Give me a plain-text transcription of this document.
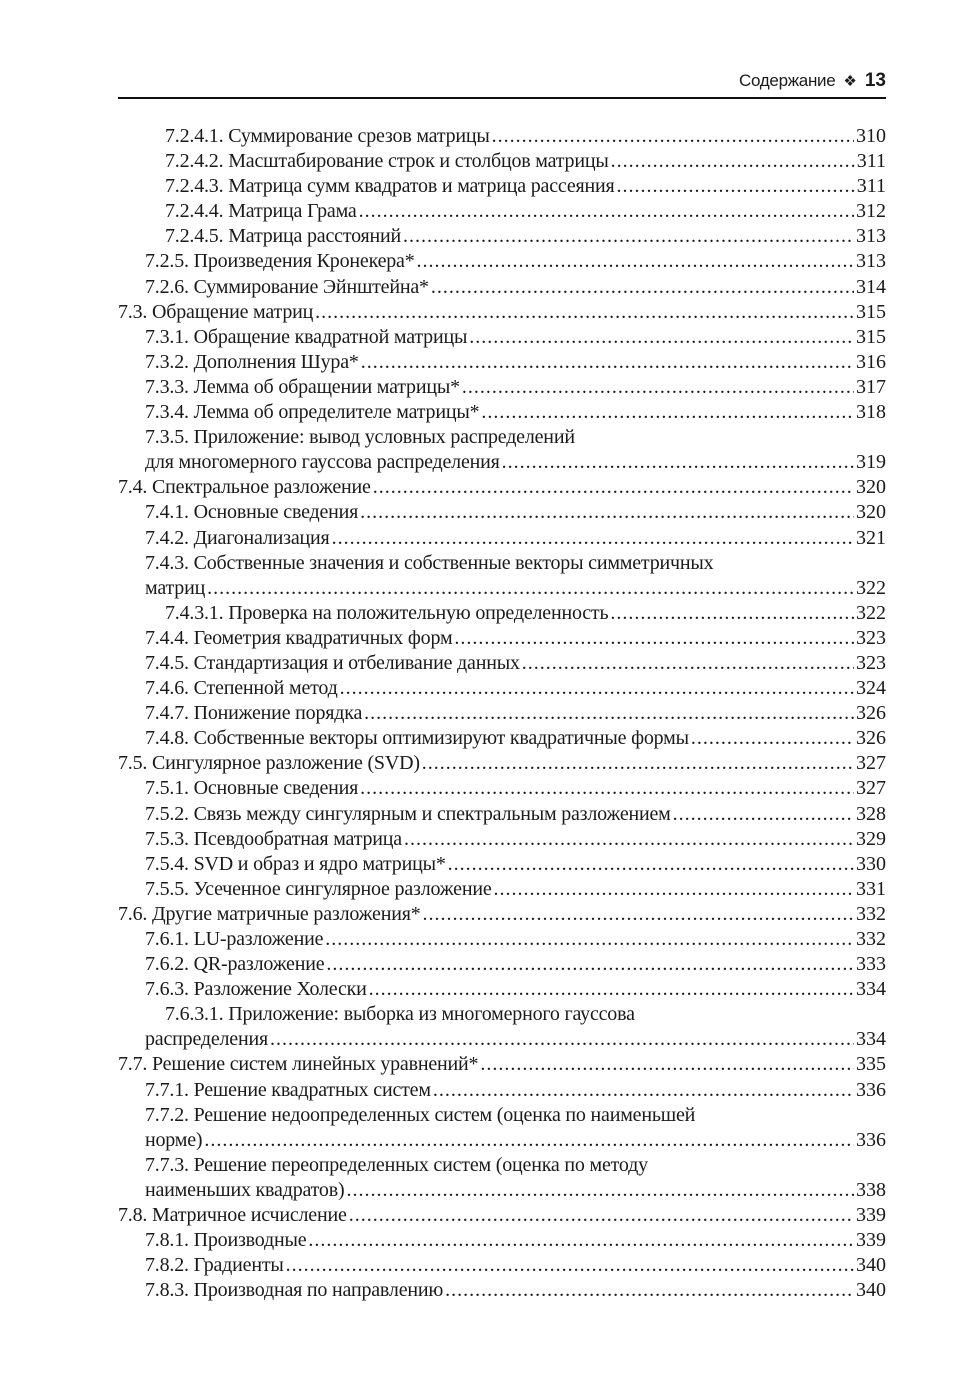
Содержание ❖ 13
7.2.4.1. Суммирование срезов матрицы .....	310
7.2.4.2. Масштабирование строк и столбцов матрицы .....	311
7.2.4.3. Матрица сумм квадратов и матрица рассеяния .....	311
7.2.4.4. Матрица Грама .....	312
7.2.4.5. Матрица расстояний .....	313
7.2.5. Произведения Кронекера* .....	313
7.2.6. Суммирование Эйнштейна* .....	314
7.3. Обращение матриц .....	315
7.3.1. Обращение квадратной матрицы .....	315
7.3.2. Дополнения Шура* .....	316
7.3.3. Лемма об обращении матрицы* .....	317
7.3.4. Лемма об определителе матрицы* .....	318
7.3.5. Приложение: вывод условных распределений
для многомерного гауссова распределения .....	319
7.4. Спектральное разложение .....	320
7.4.1. Основные сведения .....	320
7.4.2. Диагонализация .....	321
7.4.3. Собственные значения и собственные векторы симметричных
матриц .....	322
7.4.3.1. Проверка на положительную определенность .....	322
7.4.4. Геометрия квадратичных форм .....	323
7.4.5. Стандартизация и отбеливание данных .....	323
7.4.6. Степенной метод .....	324
7.4.7. Понижение порядка .....	326
7.4.8. Собственные векторы оптимизируют квадратичные формы .....	326
7.5. Сингулярное разложение (SVD) .....	327
7.5.1. Основные сведения .....	327
7.5.2. Связь между сингулярным и спектральным разложением .....	328
7.5.3. Псевдообратная матрица .....	329
7.5.4. SVD и образ и ядро матрицы* .....	330
7.5.5. Усеченное сингулярное разложение .....	331
7.6. Другие матричные разложения* .....	332
7.6.1. LU-разложение .....	332
7.6.2. QR-разложение .....	333
7.6.3. Разложение Холески .....	334
7.6.3.1. Приложение: выборка из многомерного гауссова
распределения .....	334
7.7. Решение систем линейных уравнений* .....	335
7.7.1. Решение квадратных систем .....	336
7.7.2. Решение недоопределенных систем (оценка по наименьшей
норме) .....	336
7.7.3. Решение переопределенных систем (оценка по методу
наименьших квадратов) .....	338
7.8. Матричное исчисление .....	339
7.8.1. Производные .....	339
7.8.2. Градиенты .....	340
7.8.3. Производная по направлению .....	340
